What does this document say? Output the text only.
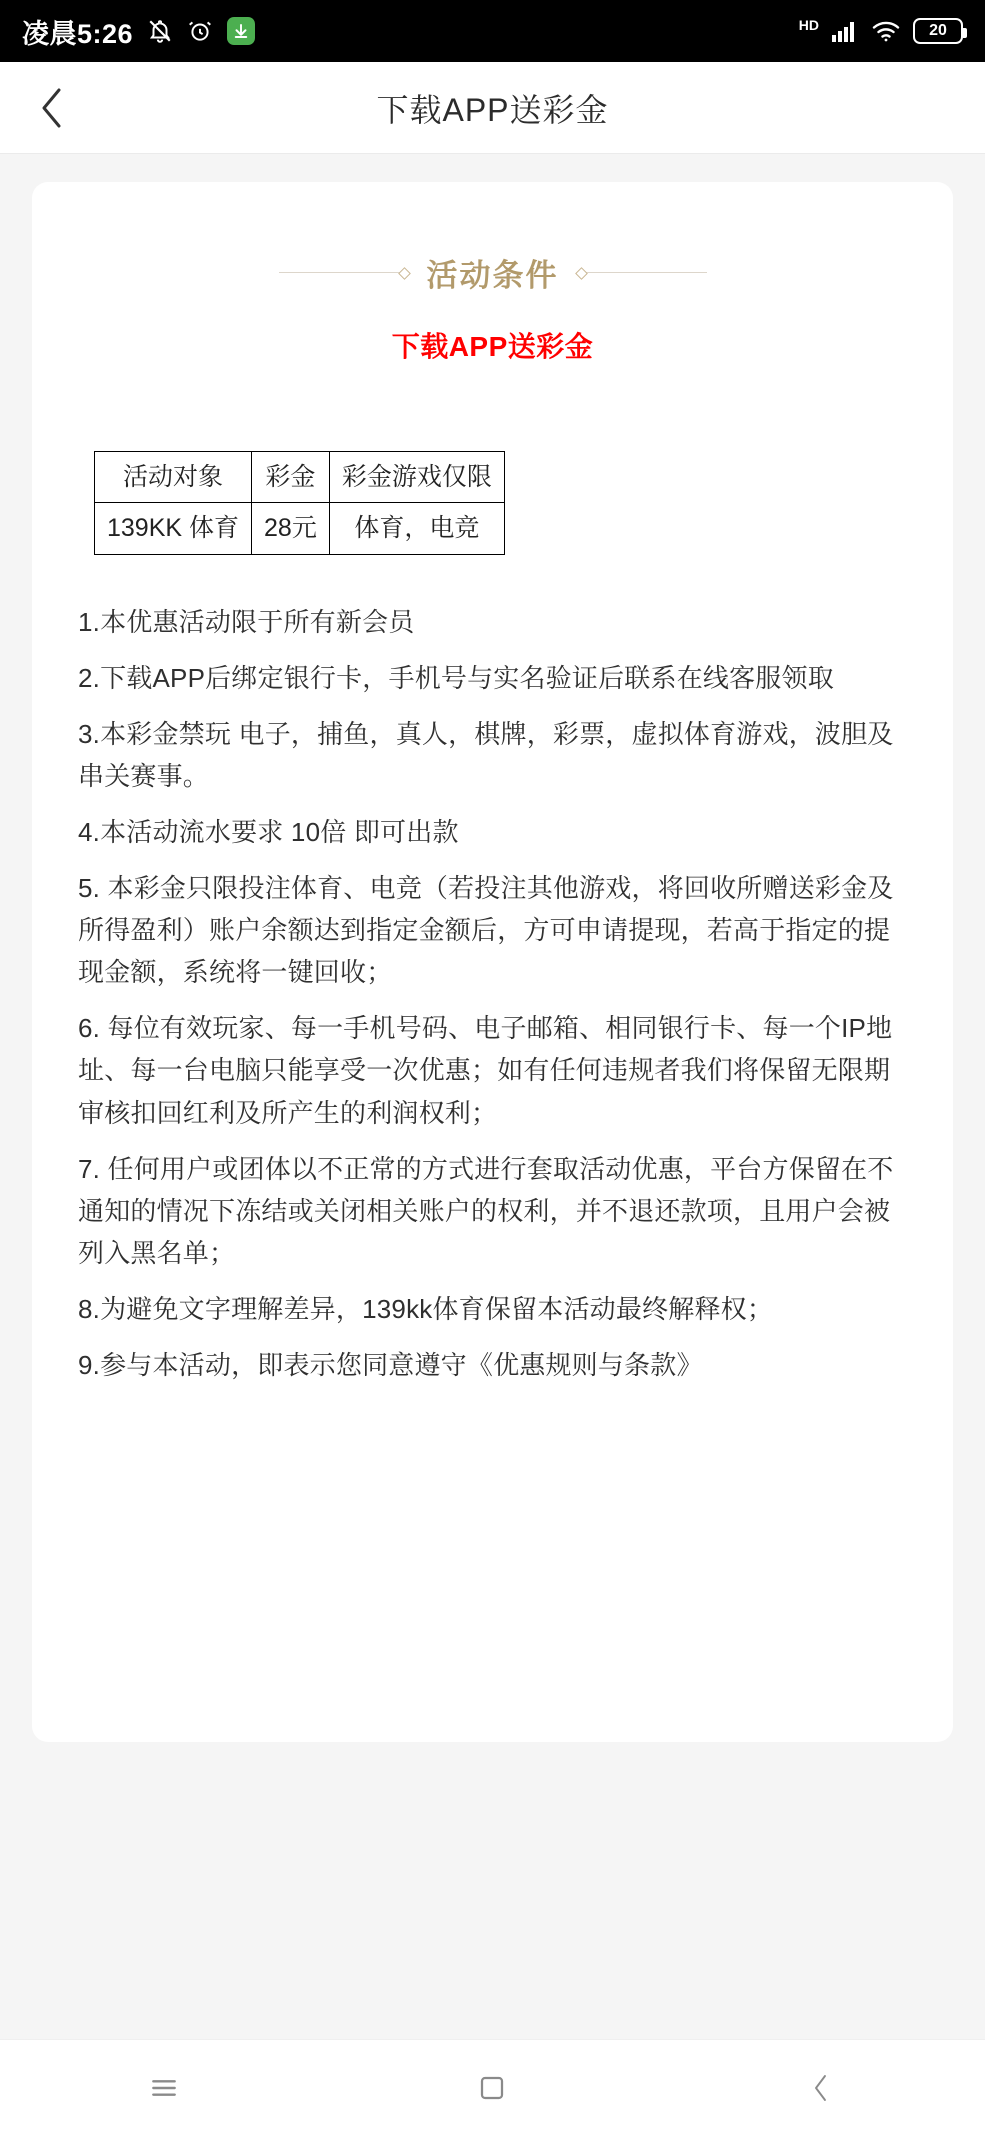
凌晨5:26	HD	20
下载APP送彩金
活动条件
下载APP送彩金
活动对象	彩金	彩金游戏仅限
139KK 体育	28元	体育，电竞

1.本优惠活动限于所有新会员

2.下载APP后绑定银行卡，手机号与实名验证后联系在线客服领取

3.本彩金禁玩 电子，捕鱼，真人，棋牌，彩票，虚拟体育游戏，波胆及串关赛事。

4.本活动流水要求 10倍 即可出款

5. 本彩金只限投注体育、电竞（若投注其他游戏，将回收所赠送彩金及所得盈利）账户余额达到指定金额后，方可申请提现，若高于指定的提现金额，系统将一键回收；

6. 每位有效玩家、每一手机号码、电子邮箱、相同银行卡、每一个IP地址、每一台电脑只能享受一次优惠；如有任何违规者我们将保留无限期审核扣回红利及所产生的利润权利；

7. 任何用户或团体以不正常的方式进行套取活动优惠，平台方保留在不通知的情况下冻结或关闭相关账户的权利，并不退还款项，且用户会被列入黑名单；

8.为避免文字理解差异，139kk体育保留本活动最终解释权；

9.参与本活动，即表示您同意遵守《优惠规则与条款》
